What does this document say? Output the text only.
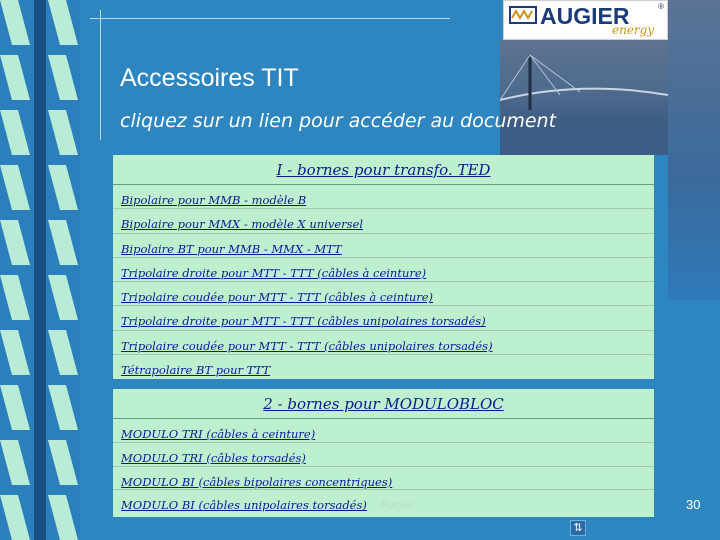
AUGIER
energy
®
Accessoires TIT
cliquez sur un lien pour accéder au document
I - bornes pour transfo. TED
Bipolaire pour MMB - modèle B
Bipolaire pour MMX - modèle X universel
Bipolaire BT pour MMB - MMX - MTT
Tripolaire droite pour MTT - TTT (câbles à ceinture)
Tripolaire coudée pour MTT - TTT (câbles à ceinture)
Tripolaire droite pour MTT - TTT (câbles unipolaires torsadés)
Tripolaire coudée pour MTT - TTT (câbles unipolaires torsadés)
Tétrapolaire BT pour TTT
2 - bornes pour MODULOBLOC
MODULO TRI (câbles à ceinture)
MODULO TRI (câbles torsadés)
MODULO BI (câbles bipolaires concentriques)
MODULO BI (câbles unipolaires torsadés)	Augier	30
⇅
